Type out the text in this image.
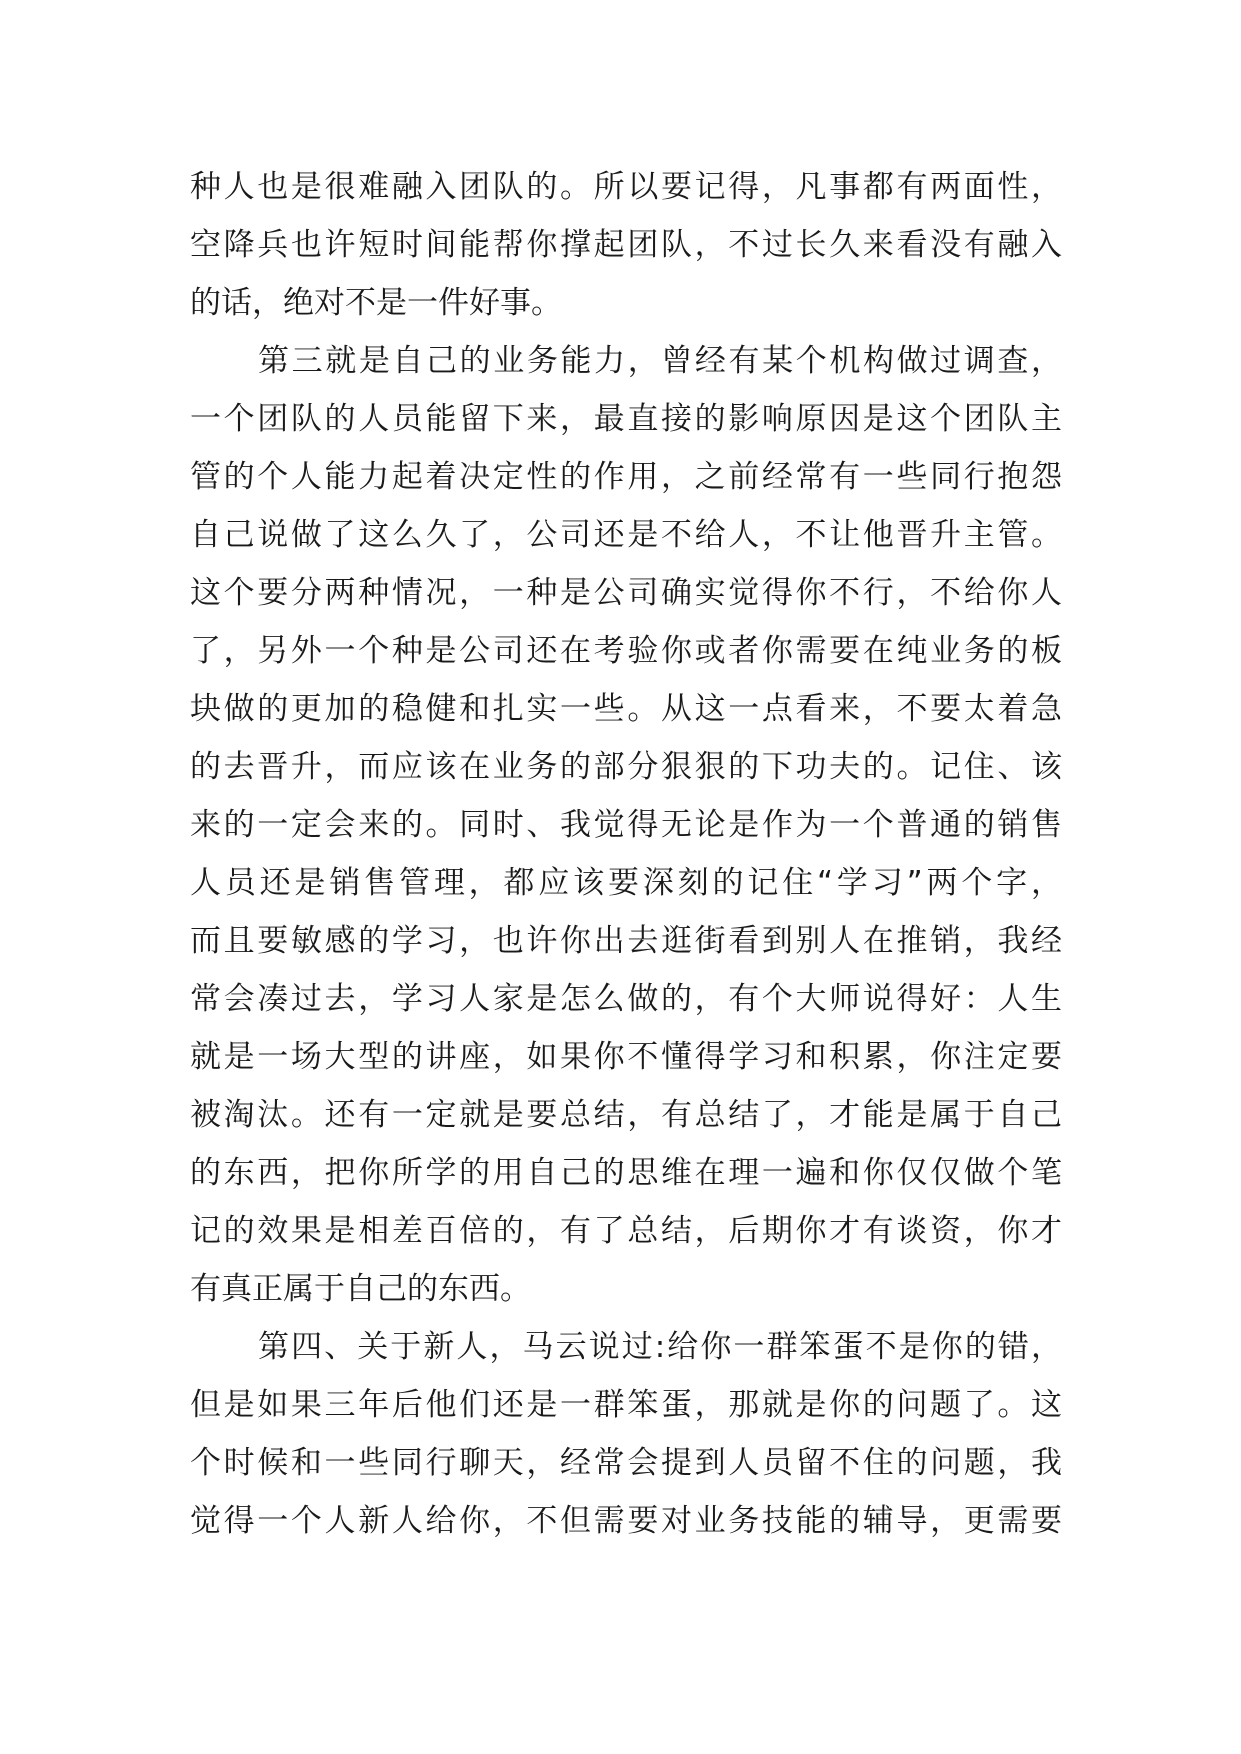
种人也是很难融入团队的。所以要记得，凡事都有两面性，
空降兵也许短时间能帮你撑起团队，不过长久来看没有融入
的话，绝对不是一件好事。
第三就是自己的业务能力，曾经有某个机构做过调查，
一个团队的人员能留下来，最直接的影响原因是这个团队主
管的个人能力起着决定性的作用，之前经常有一些同行抱怨
自己说做了这么久了，公司还是不给人，不让他晋升主管。
这个要分两种情况，一种是公司确实觉得你不行，不给你人
了，另外一个种是公司还在考验你或者你需要在纯业务的板
块做的更加的稳健和扎实一些。从这一点看来，不要太着急
的去晋升，而应该在业务的部分狠狠的下功夫的。记住、该
来的一定会来的。同时、我觉得无论是作为一个普通的销售
人员还是销售管理，都应该要深刻的记住“学习”两个字，
而且要敏感的学习，也许你出去逛街看到别人在推销，我经
常会凑过去，学习人家是怎么做的，有个大师说得好：人生
就是一场大型的讲座，如果你不懂得学习和积累，你注定要
被淘汰。还有一定就是要总结，有总结了，才能是属于自己
的东西，把你所学的用自己的思维在理一遍和你仅仅做个笔
记的效果是相差百倍的，有了总结，后期你才有谈资，你才
有真正属于自己的东西。
第四、关于新人，马云说过:给你一群笨蛋不是你的错，
但是如果三年后他们还是一群笨蛋，那就是你的问题了。这
个时候和一些同行聊天，经常会提到人员留不住的问题，我
觉得一个人新人给你，不但需要对业务技能的辅导，更需要
